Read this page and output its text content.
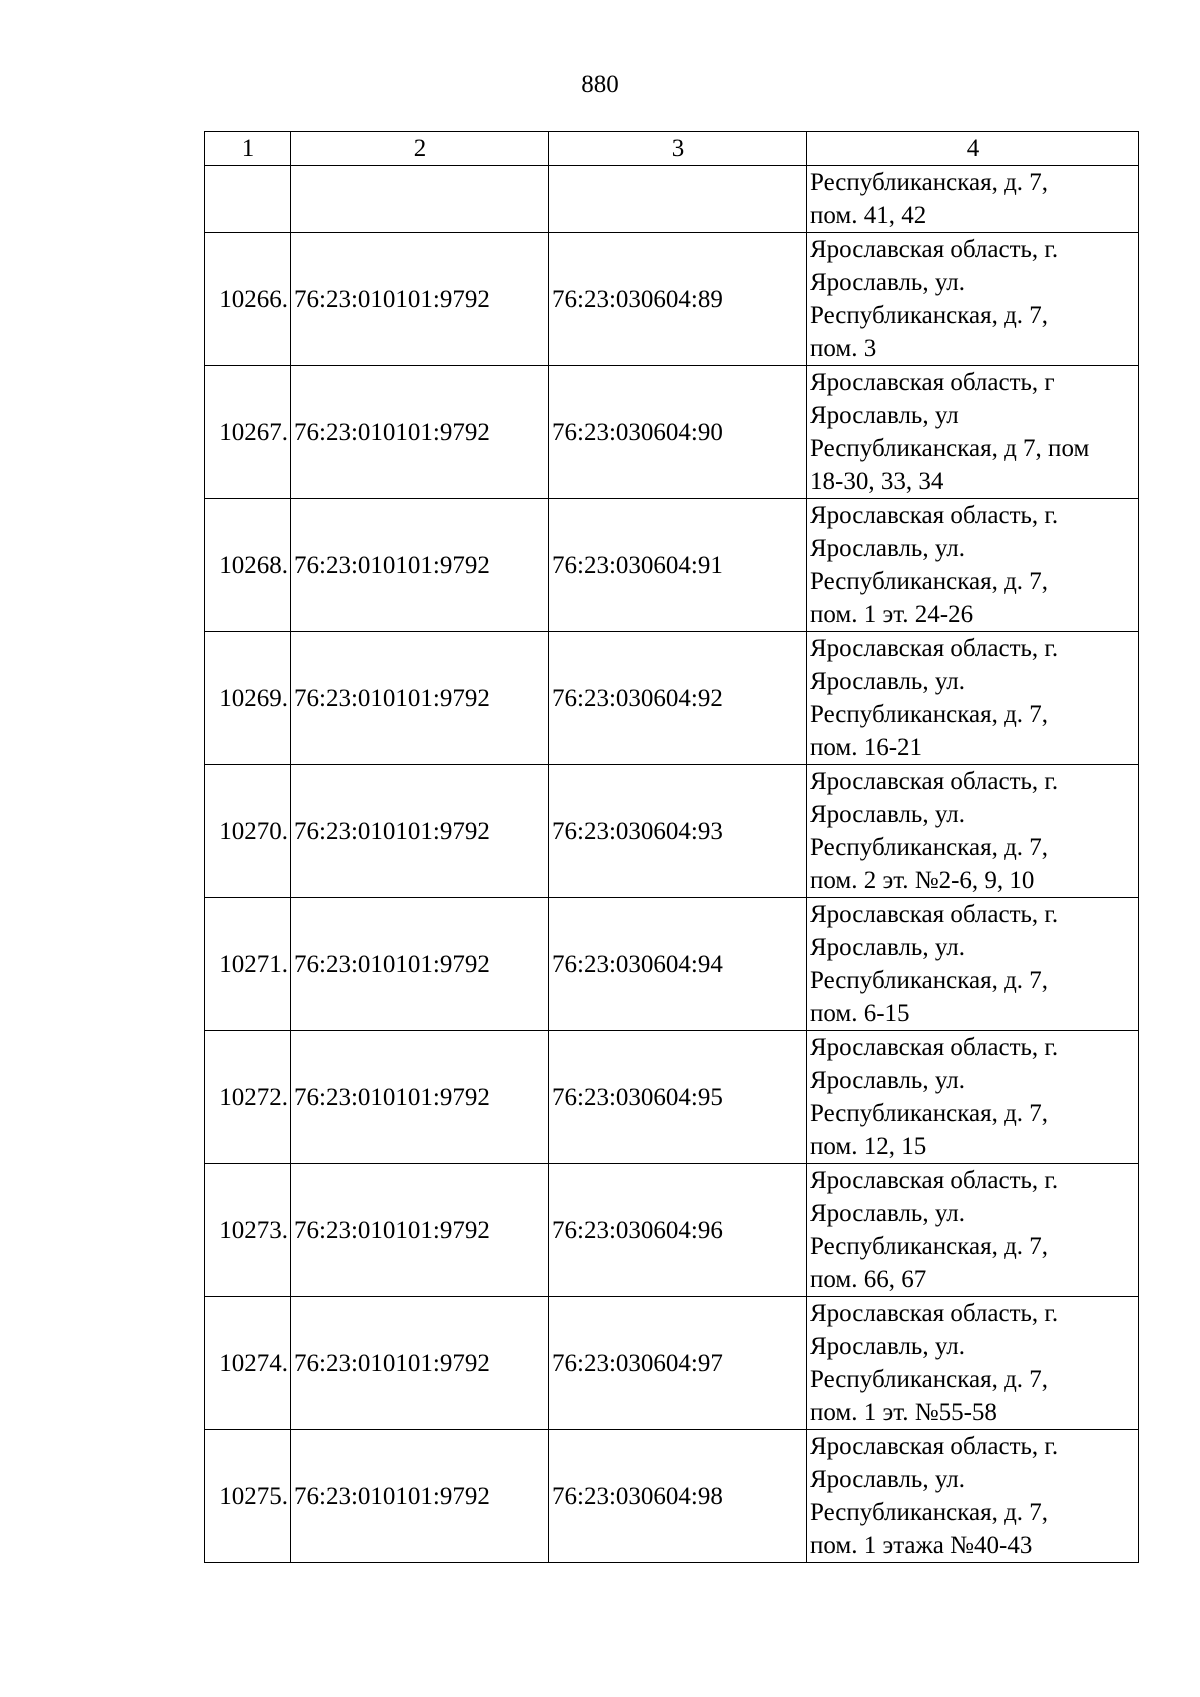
880
1	2	3	4
			Республиканская, д. 7,
пом. 41, 42
10266.	76:23:010101:9792	76:23:030604:89	Ярославская область, г.
Ярославль, ул.
Республиканская, д. 7,
пом. 3
10267.	76:23:010101:9792	76:23:030604:90	Ярославская область, г
Ярославль, ул
Республиканская, д 7, пом
18-30, 33, 34
10268.	76:23:010101:9792	76:23:030604:91	Ярославская область, г.
Ярославль, ул.
Республиканская, д. 7,
пом. 1 эт. 24-26
10269.	76:23:010101:9792	76:23:030604:92	Ярославская область, г.
Ярославль, ул.
Республиканская, д. 7,
пом. 16-21
10270.	76:23:010101:9792	76:23:030604:93	Ярославская область, г.
Ярославль, ул.
Республиканская, д. 7,
пом. 2 эт. №2-6, 9, 10
10271.	76:23:010101:9792	76:23:030604:94	Ярославская область, г.
Ярославль, ул.
Республиканская, д. 7,
пом. 6-15
10272.	76:23:010101:9792	76:23:030604:95	Ярославская область, г.
Ярославль, ул.
Республиканская, д. 7,
пом. 12, 15
10273.	76:23:010101:9792	76:23:030604:96	Ярославская область, г.
Ярославль, ул.
Республиканская, д. 7,
пом. 66, 67
10274.	76:23:010101:9792	76:23:030604:97	Ярославская область, г.
Ярославль, ул.
Республиканская, д. 7,
пом. 1 эт. №55-58
10275.	76:23:010101:9792	76:23:030604:98	Ярославская область, г.
Ярославль, ул.
Республиканская, д. 7,
пом. 1 этажа №40-43
